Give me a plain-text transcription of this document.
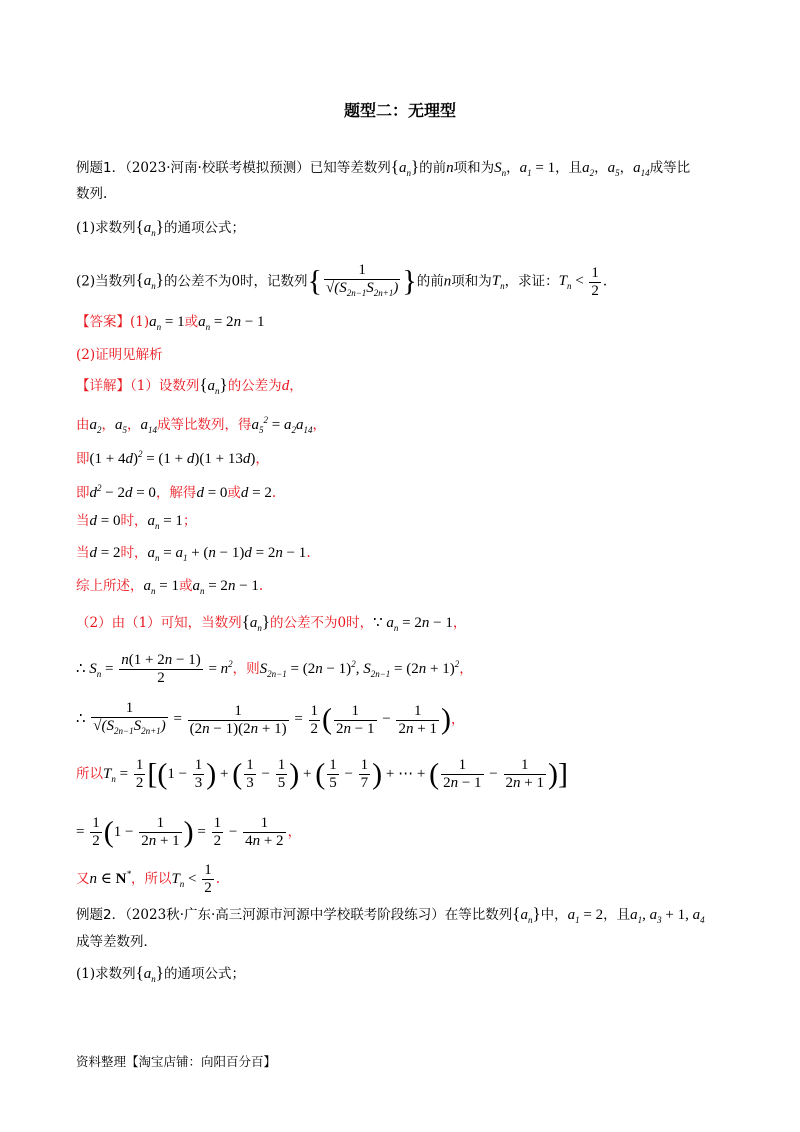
题型二：无理型
例题1．（2023·河南·校联考模拟预测）已知等差数列$\{a_n\}$的前n项和为$S_n$，$a_1 = 1$，且$a_2$，$a_5$，$a_{14}$成等比
数列.
(1)求数列$\{a_n\}$的通项公式；
(2)当数列$\{a_n\}$的公差不为0时，记数列{ $\frac{1}{√(S_{2n-1}S_{2n+1})}$ }的前n项和为$T_n$，求证：$T_n < \frac{1}{2}$ .
【答案】$(1)a_n = 1$或$a_n = 2n - 1$
(2)证明见解析
【详解】（1）设数列$\{a_n\}$的公差为d，
由$a_2$，$a_5$，$a_{14}$成等比数列，得$a_5^2 = a_2a_{14}$，
即$(1 + 4d)^2 = (1 + d)(1 + 13d)$，
即$d^2 - 2d = 0$，解得d = 0或d = 2.
当d = 0时，$a_n = 1$；
当d = 2时，$a_n = a_1 + (n - 1)d = 2n - 1$.
综上所述，$a_n = 1$或$a_n = 2n - 1$.
（2）由（1）可知，当数列$\{a_n\}$的公差不为0时，∵ $a_n = 2n - 1$，
∴ $S_n = \frac{n(1 + 2n - 1)}{2} = n^2$，则$S_{2n-1} = (2n - 1)^2$, $S_{2n-1} = (2n + 1)^2$，
∴ $\frac{1}{√(S_{2n-1}S_{2n+1})} = \frac{1}{(2n - 1)(2n + 1)} = \frac{1}{2}$ ( $\frac{1}{2n - 1} - \frac{1}{2n + 1}$ )，
所以$T_n = \frac{1}{2} [(1 - \frac{1}{3}$ ) + ( $\frac{1}{3} - \frac{1}{5}$ ) + ( $\frac{1}{5} - \frac{1}{7}$ ) + ⋯ + ( $\frac{1}{2n - 1} - \frac{1}{2n + 1}$ )]
= $\frac{1}{2} (1 - \frac{1}{2n + 1}$ ) = $\frac{1}{2} - \frac{1}{4n + 2}$ ，
又n ∈ N*，所以$T_n < \frac{1}{2}$ .
例题2．（2023秋·广东·高三河源市河源中学校联考阶段练习）在等比数列$\{a_n\}$中，$a_1 = 2$，且$a_1$, $a_3 + 1$, $a_4$
成等差数列．
(1)求数列$\{a_n\}$的通项公式；
资料整理【淘宝店铺：向阳百分百】
